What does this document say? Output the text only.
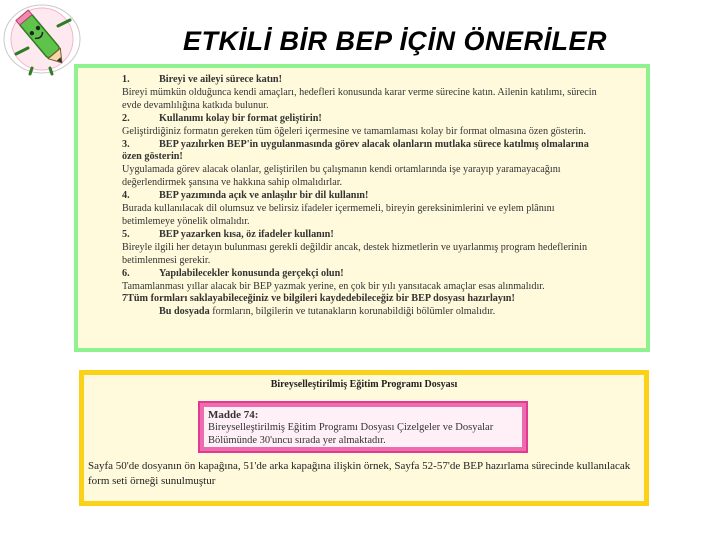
ETKİLİ BİR BEP İÇİN ÖNERİLER
1.	Bireyi ve aileyi sürece katın!
Bireyi mümkün olduğunca kendi amaçları, hedefleri konusunda karar verme sürecine katın. Ailenin katılımı, sürecin
evde devamlılığına katkıda bulunur.
2.	Kullanımı kolay bir format geliştirin!
Geliştirdiğiniz formatın gereken tüm öğeleri içermesine ve tamamlaması kolay bir format olmasına özen gösterin.
3.	BEP yazılırken BEP'in uygulanmasında görev alacak olanların mutlaka sürece katılmış olmalarına
özen gösterin!
Uygulamada görev alacak olanlar, geliştirilen bu çalışmanın kendi ortamlarında işe yarayıp yaramayacağını
değerlendirmek şansına ve hakkına sahip olmalıdırlar.
4.	BEP yazımında açık ve anlaşılır bir dil kullanın!
Burada kullanılacak dil olumsuz ve belirsiz ifadeler içermemeli, bireyin gereksinimlerini ve eylem plânını
betimlemeye yönelik olmalıdır.
5.	BEP yazarken kısa, öz ifadeler kullanın!
Bireyle ilgili her detayın bulunması gerekli değildir ancak, destek hizmetlerin ve uyarlanmış program hedeflerinin
betimlenmesi gerekir.
6.	Yapılabilecekler konusunda gerçekçi olun!
Tamamlanması yıllar alacak bir BEP yazmak yerine, en çok bir yılı yansıtacak amaçlar esas alınmalıdır.
7Tüm formları saklayabileceğiniz ve bilgileri kaydedebileceğiz bir BEP dosyası hazırlayın!
Bu dosyada formların, bilgilerin ve tutanakların korunabildiği bölümler olmalıdır.
Bireyselleştirilmiş Eğitim Programı Dosyası
Madde 74:
Bireyselleştirilmiş Eğitim Programı Dosyası Çizelgeler ve Dosyalar Bölümünde 30'uncu sırada yer almaktadır.
Sayfa 50'de dosyanın ön kapağına, 51'de arka kapağına ilişkin örnek, Sayfa 52-57'de BEP hazırlama sürecinde kullanılacak form seti örneği sunulmuştur
